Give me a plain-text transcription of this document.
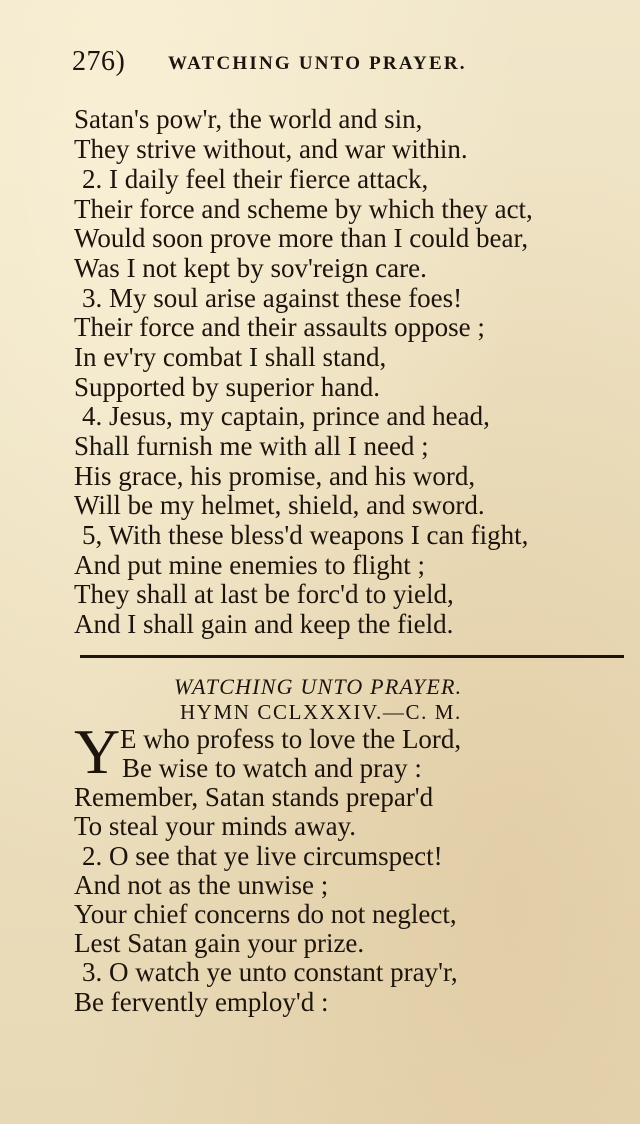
276) WATCHING UNTO PRAYER.
Satan's pow'r, the world and sin,
They strive without, and war within.
2. I daily feel their fierce attack,
Their force and scheme by which they act,
Would soon prove more than I could bear,
Was I not kept by sov'reign care.
3. My soul arise against these foes!
Their force and their assaults oppose ;
In ev'ry combat I shall stand,
Supported by superior hand.
4. Jesus, my captain, prince and head,
Shall furnish me with all I need ;
His grace, his promise, and his word,
Will be my helmet, shield, and sword.
5, With these bless'd weapons I can fight,
And put mine enemies to flight ;
They shall at last be forc'd to yield,
And I shall gain and keep the field.
WATCHING UNTO PRAYER.
HYMN CCLXXXIV.—C. M.
Y E who profess to love the Lord,
Be wise to watch and pray :
Remember, Satan stands prepar'd
To steal your minds away.
2. O see that ye live circumspect!
And not as the unwise ;
Your chief concerns do not neglect,
Lest Satan gain your prize.
3. O watch ye unto constant pray'r,
Be fervently employ'd :
